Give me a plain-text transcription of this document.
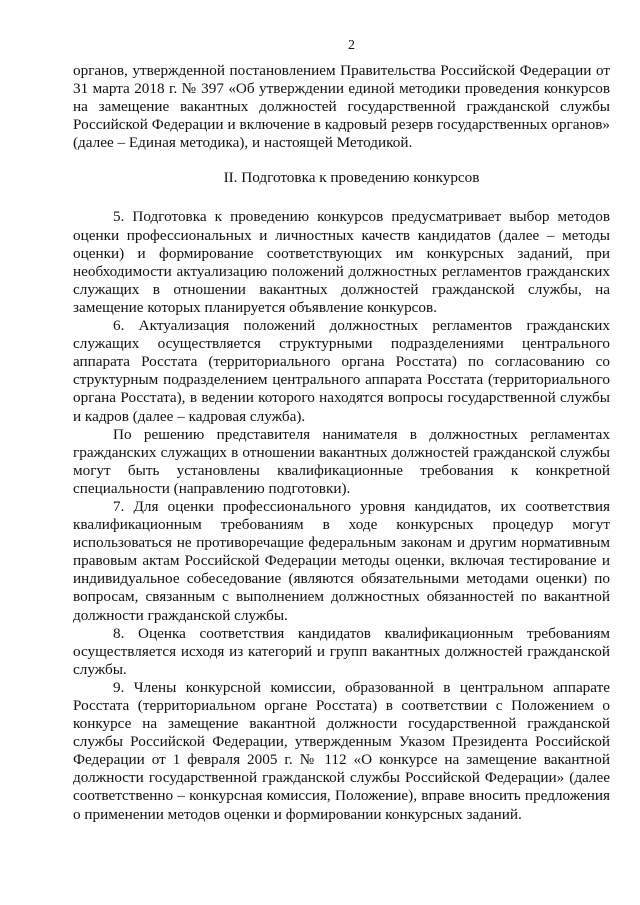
2

органов, утвержденной постановлением Правительства Российской Федерации от 31 марта 2018 г. № 397 «Об утверждении единой методики проведения конкурсов на замещение вакантных должностей государственной гражданской службы Российской Федерации и включение в кадровый резерв государственных органов» (далее – Единая методика), и настоящей Методикой.

II. Подготовка к проведению конкурсов

5. Подготовка к проведению конкурсов предусматривает выбор методов оценки профессиональных и личностных качеств кандидатов (далее – методы оценки) и формирование соответствующих им конкурсных заданий, при необходимости актуализацию положений должностных регламентов гражданских служащих в отношении вакантных должностей гражданской службы, на замещение которых планируется объявление конкурсов.

6. Актуализация положений должностных регламентов гражданских служащих осуществляется структурными подразделениями центрального аппарата Росстата (территориального органа Росстата) по согласованию со структурным подразделением центрального аппарата Росстата (территориального органа Росстата), в ведении которого находятся вопросы государственной службы и кадров (далее – кадровая служба).

По решению представителя нанимателя в должностных регламентах гражданских служащих в отношении вакантных должностей гражданской службы могут быть установлены квалификационные требования к конкретной специальности (направлению подготовки).

7. Для оценки профессионального уровня кандидатов, их соответствия квалификационным требованиям в ходе конкурсных процедур могут использоваться не противоречащие федеральным законам и другим нормативным правовым актам Российской Федерации методы оценки, включая тестирование и индивидуальное собеседование (являются обязательными методами оценки) по вопросам, связанным с выполнением должностных обязанностей по вакантной должности гражданской службы.

8. Оценка соответствия кандидатов квалификационным требованиям осуществляется исходя из категорий и групп вакантных должностей гражданской службы.

9. Члены конкурсной комиссии, образованной в центральном аппарате Росстата (территориальном органе Росстата) в соответствии с Положением о конкурсе на замещение вакантной должности государственной гражданской службы Российской Федерации, утвержденным Указом Президента Российской Федерации от 1 февраля 2005 г. № 112 «О конкурсе на замещение вакантной должности государственной гражданской службы Российской Федерации» (далее соответственно – конкурсная комиссия, Положение), вправе вносить предложения о применении методов оценки и формировании конкурсных заданий.
